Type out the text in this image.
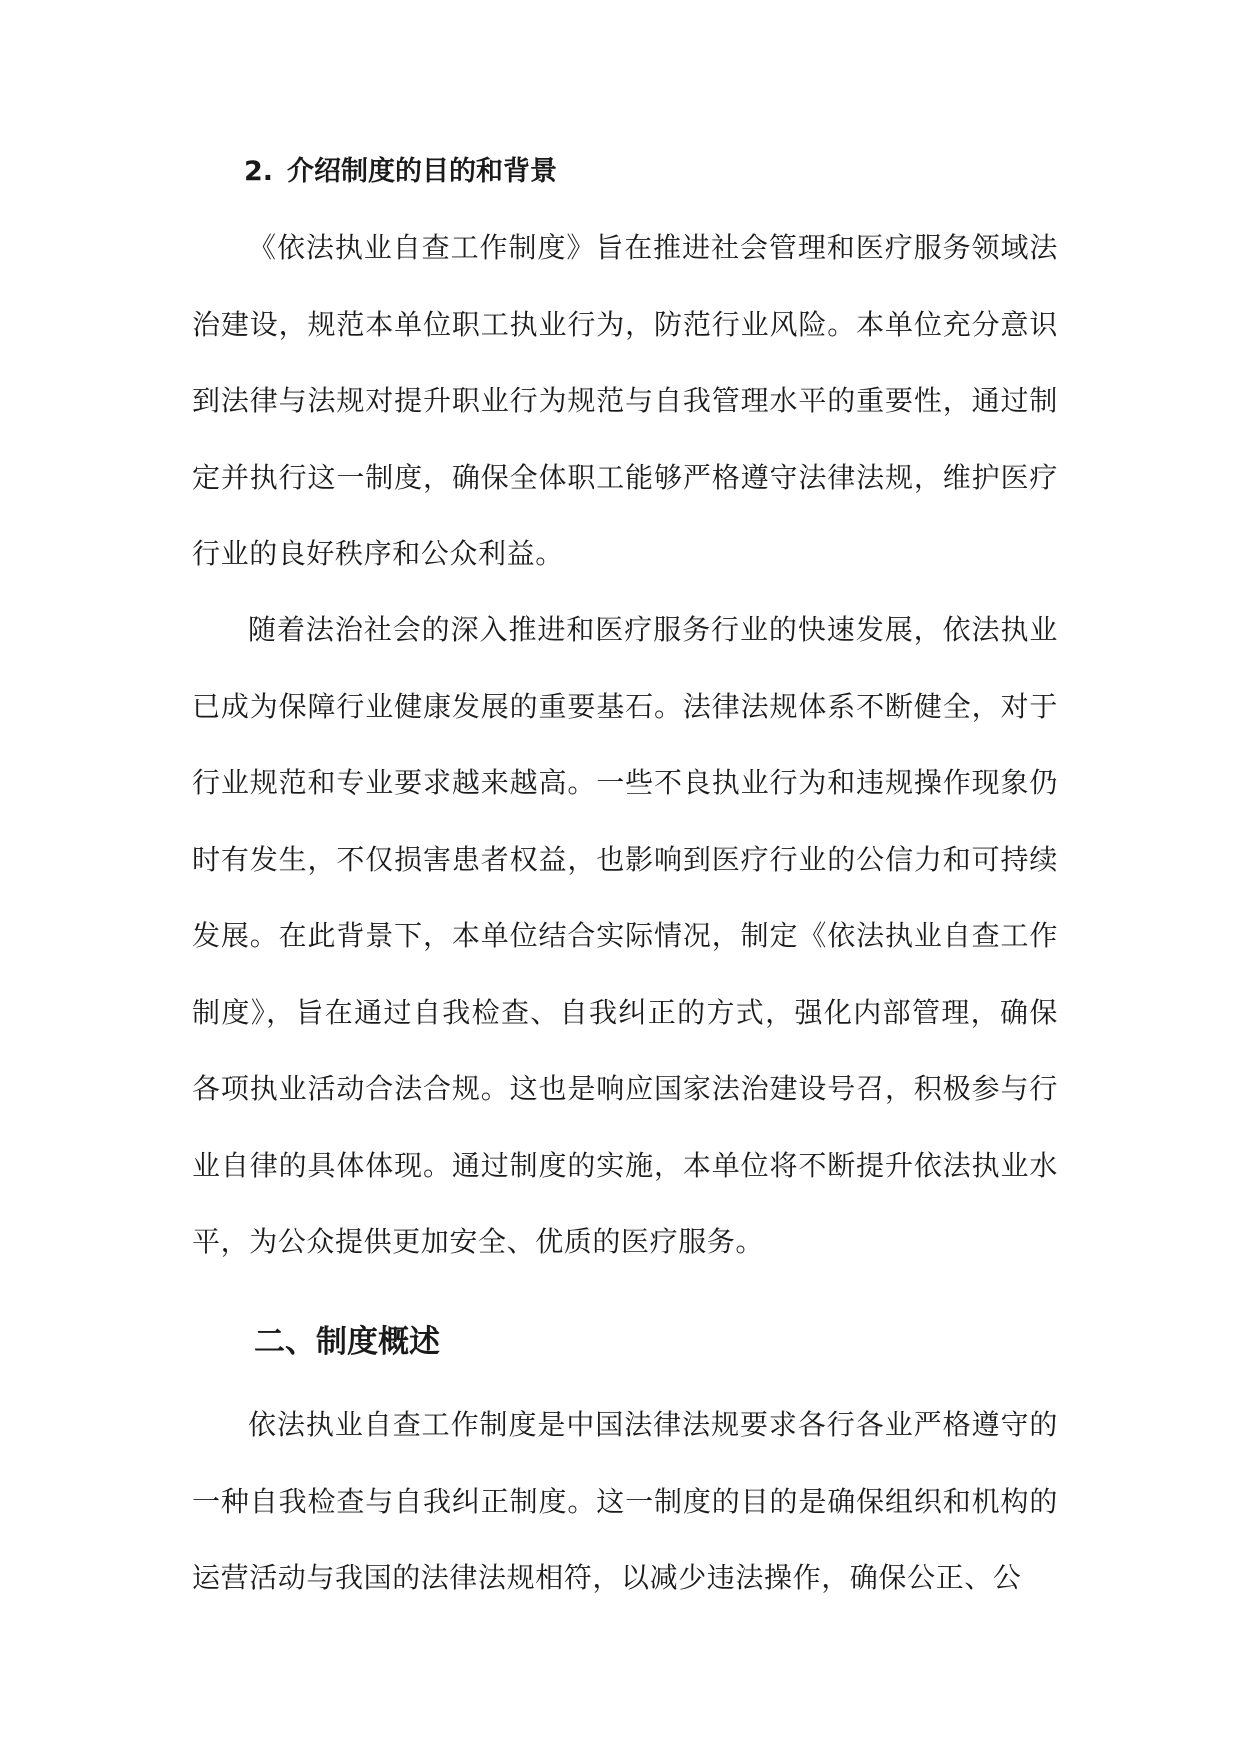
2. 介绍制度的目的和背景

《依法执业自查工作制度》旨在推进社会管理和医疗服务领域法治建设，规范本单位职工执业行为，防范行业风险。本单位充分意识到法律与法规对提升职业行为规范与自我管理水平的重要性，通过制定并执行这一制度，确保全体职工能够严格遵守法律法规，维护医疗行业的良好秩序和公众利益。

随着法治社会的深入推进和医疗服务行业的快速发展，依法执业已成为保障行业健康发展的重要基石。法律法规体系不断健全，对于行业规范和专业要求越来越高。一些不良执业行为和违规操作现象仍时有发生，不仅损害患者权益，也影响到医疗行业的公信力和可持续发展。在此背景下，本单位结合实际情况，制定《依法执业自查工作制度》，旨在通过自我检查、自我纠正的方式，强化内部管理，确保各项执业活动合法合规。这也是响应国家法治建设号召，积极参与行业自律的具体体现。通过制度的实施，本单位将不断提升依法执业水平，为公众提供更加安全、优质的医疗服务。

二、制度概述

依法执业自查工作制度是中国法律法规要求各行各业严格遵守的一种自我检查与自我纠正制度。这一制度的目的是确保组织和机构的运营活动与我国的法律法规相符，以减少违法操作，确保公正、公
